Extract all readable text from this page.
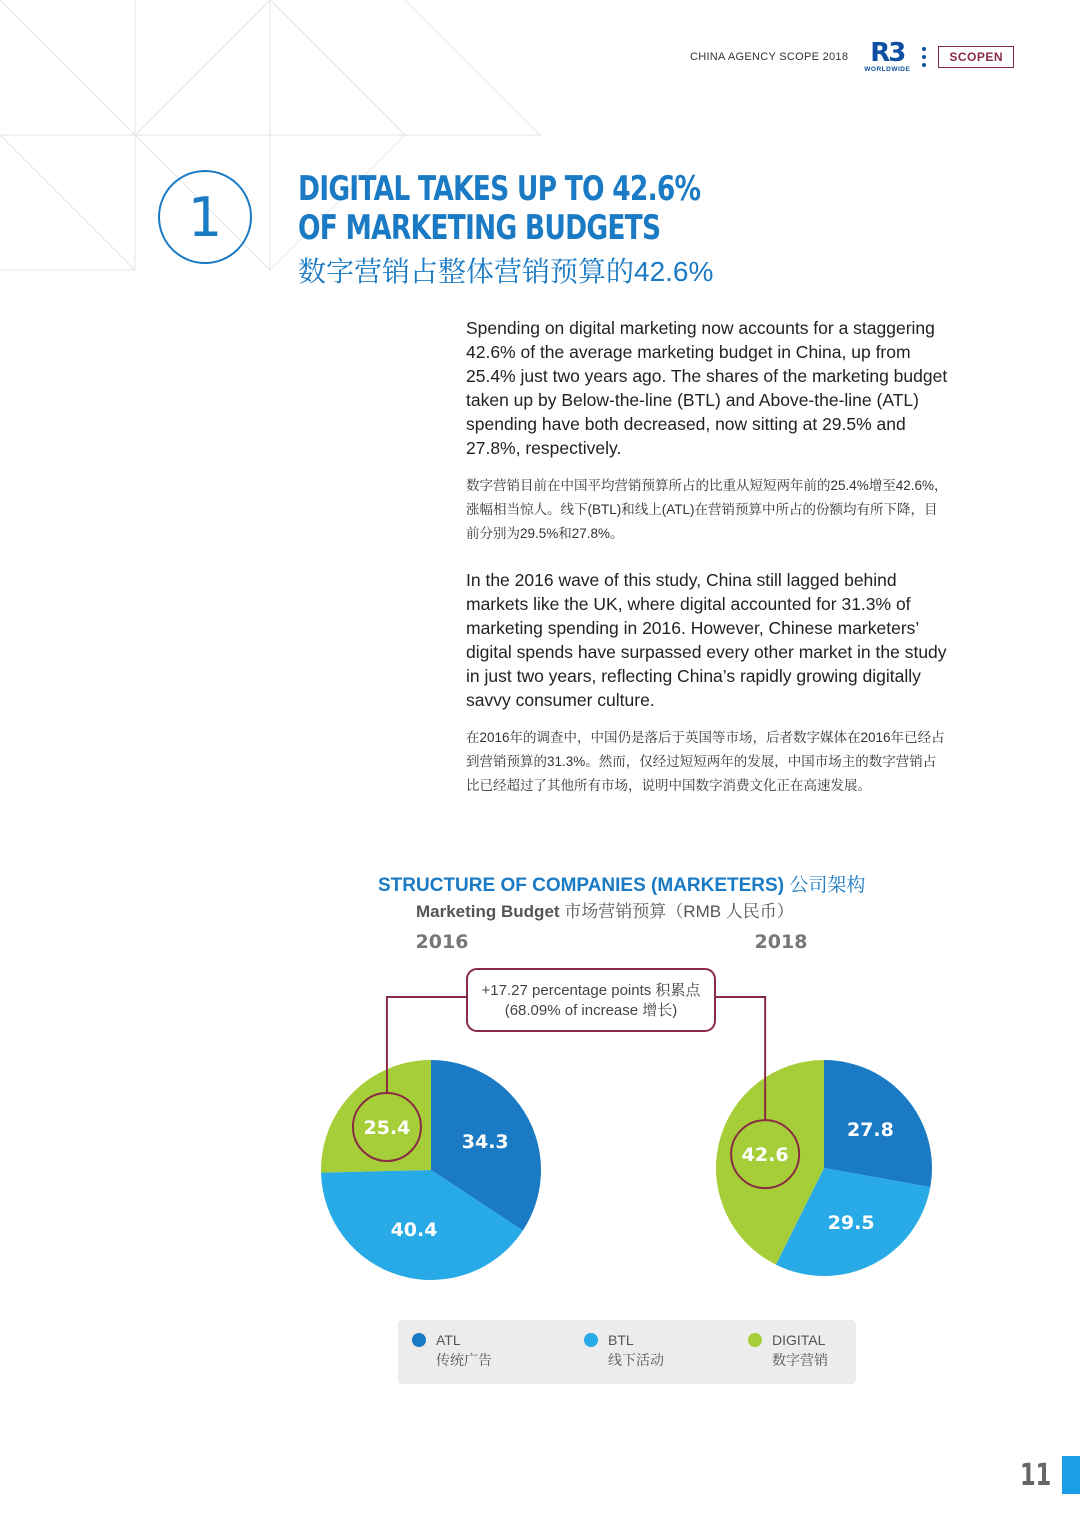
CHINA AGENCY SCOPE 2018 R3
WORLDWIDE
SCOPEN
1	DIGITAL TAKES UP TO 42.6% OF MARKETING BUDGETS
数字营销占整体营销预算的42.6%

Spending on digital marketing now accounts for a staggering 42.6% of the average marketing budget in China, up from 25.4% just two years ago. The shares of the marketing budget taken up by Below-the-line (BTL) and Above-the-line (ATL) spending have both decreased, now sitting at 29.5% and 27.8%, respectively.

数字营销目前在中国平均营销预算所占的比重从短短两年前的25.4%增至42.6%，涨幅相当惊人。线下(BTL)和线上(ATL)在营销预算中所占的份额均有所下降，目前分别为29.5%和27.8%。

In the 2016 wave of this study, China still lagged behind markets like the UK, where digital accounted for 31.3% of marketing spending in 2016. However, Chinese marketers’ digital spends have surpassed every other market in the study in just two years, reflecting China’s rapidly growing digitally savvy consumer culture.

在2016年的调查中，中国仍是落后于英国等市场，后者数字媒体在2016年已经占到营销预算的31.3%。然而，仅经过短短两年的发展，中国市场主的数字营销占比已经超过了其他所有市场，说明中国数字消费文化正在高速发展。

STRUCTURE OF COMPANIES (MARKETERS) 公司架构
Marketing Budget 市场营销预算（RMB 人民币）
2016
34.3
40.4
25.4
2018
27.8
29.5
42.6
+17.27 percentage points 积累点
(68.09% of increase 增长)
ATL
传统广告
BTL
线下活动
DIGITAL
数字营销
11
